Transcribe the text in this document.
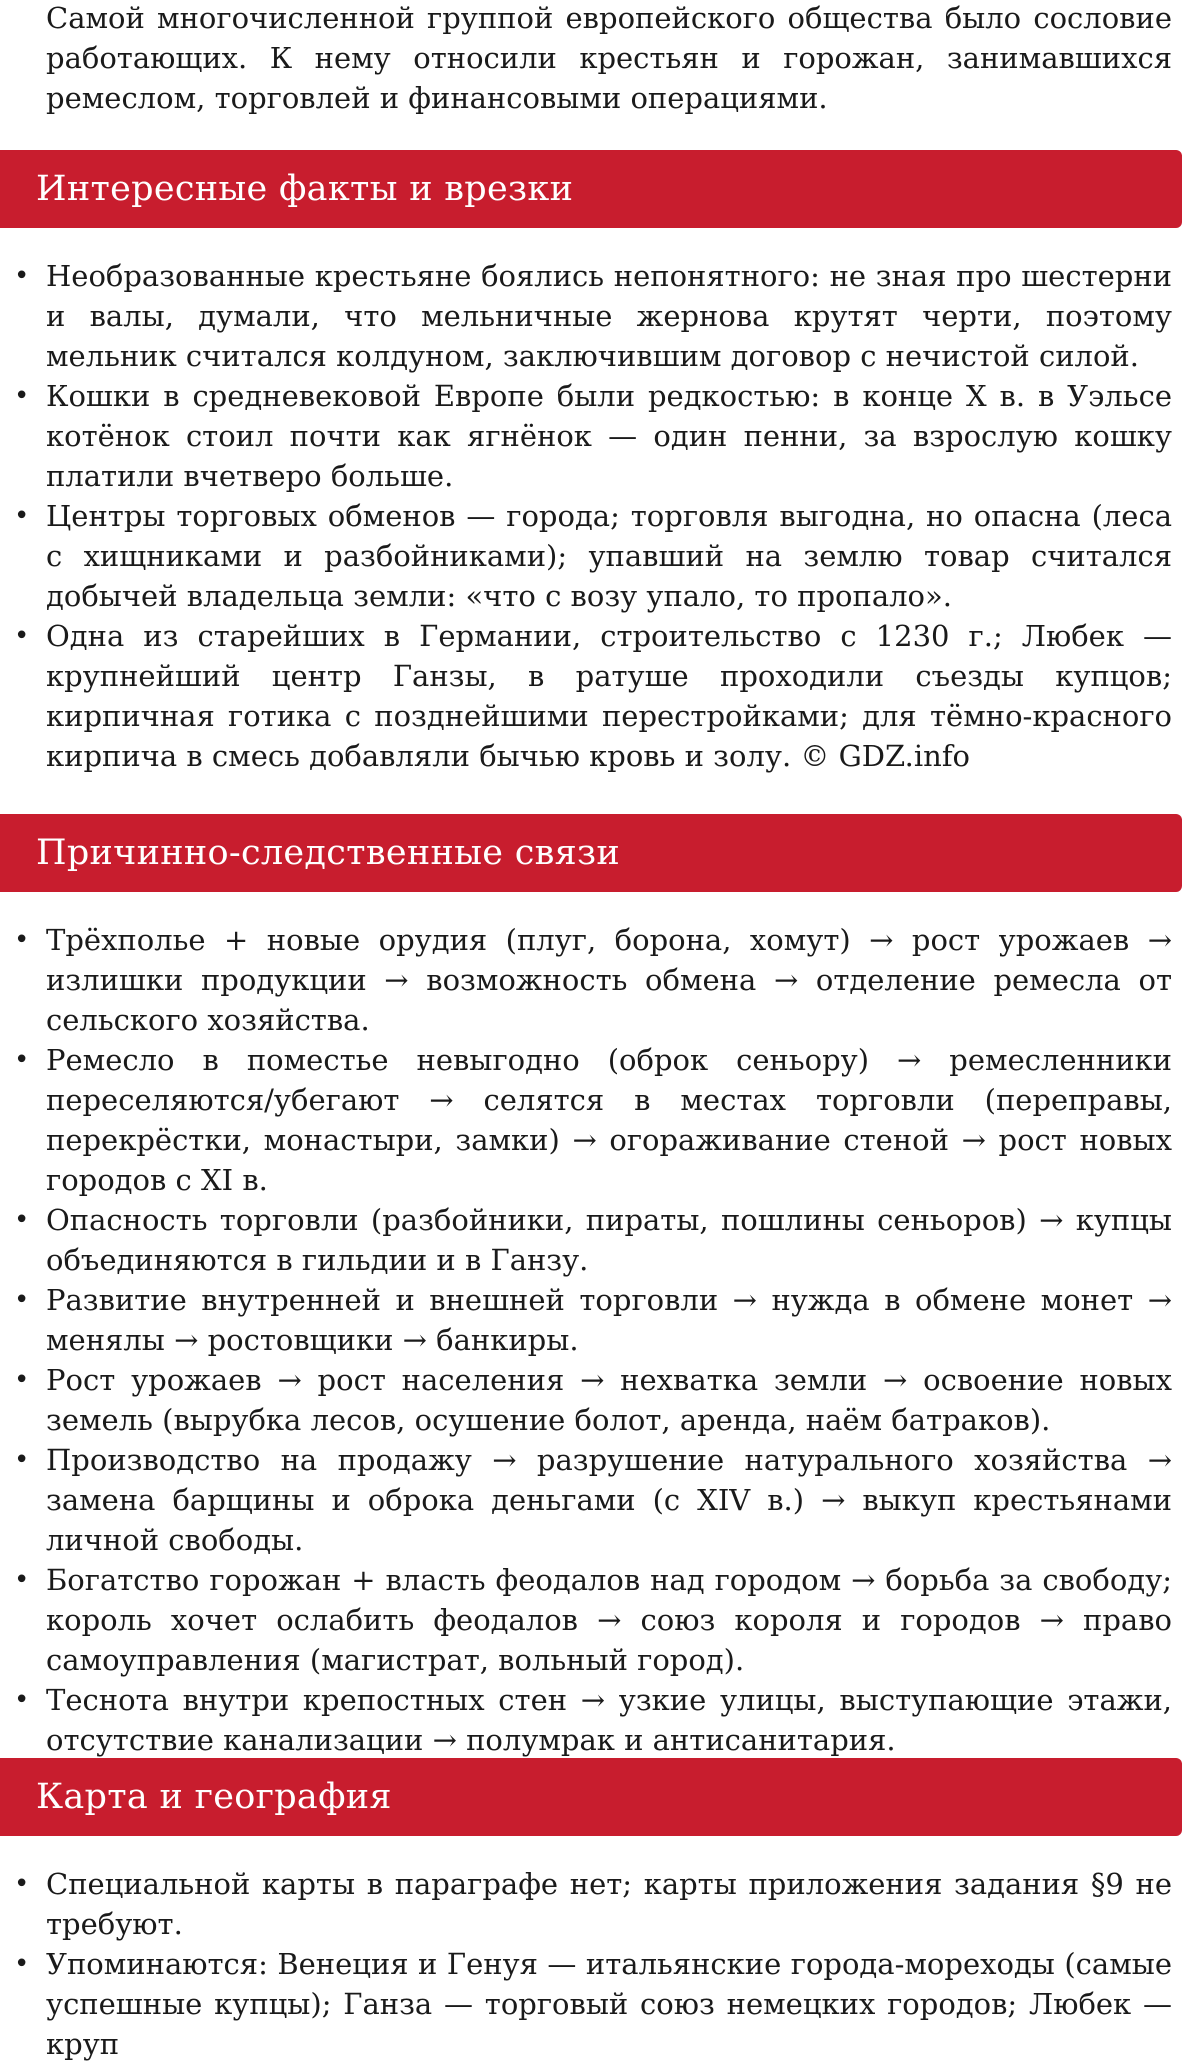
Самой многочисленной группой европейского общества было сословие работающих. К нему относили крестьян и горожан, занимавшихся ремеслом, торговлей и финансовыми операциями.

Интересные факты и врезки
• Необразованные крестьяне боялись непонятного: не зная про шестерни и валы, думали, что мельничные жернова крутят черти, поэтому мельник считался колдуном, заключившим договор с нечистой силой.
• Кошки в средневековой Европе были редкостью: в конце X в. в Уэльсе котёнок стоил почти как ягнёнок — один пенни, за взрослую кошку платили вчетверо больше.
• Центры торговых обменов — города; торговля выгодна, но опасна (леса с хищниками и разбойниками); упавший на землю товар считался добычей владельца земли: «что с возу упало, то пропало».
• Одна из старейших в Германии, строительство с 1230 г.; Любек — крупнейший центр Ганзы, в ратуше проходили съезды купцов; кирпичная готика с позднейшими перестройками; для тёмно-красного кирпича в смесь добавляли бычью кровь и золу. © GDZ.info
Причинно-следственные связи
• Трёхполье + новые орудия (плуг, борона, хомут) → рост урожаев → излишки продукции → возможность обмена → отделение ремесла от сельского хозяйства.
• Ремесло в поместье невыгодно (оброк сеньору) → ремесленники переселяются/убегают → селятся в местах торговли (переправы, перекрёстки, монастыри, замки) → огораживание стеной → рост новых городов с XI в.
• Опасность торговли (разбойники, пираты, пошлины сеньоров) → купцы объединяются в гильдии и в Ганзу.
• Развитие внутренней и внешней торговли → нужда в обмене монет → менялы → ростовщики → банкиры.
• Рост урожаев → рост населения → нехватка земли → освоение новых земель (вырубка лесов, осушение болот, аренда, наём батраков).
• Производство на продажу → разрушение натурального хозяйства → замена барщины и оброка деньгами (с XIV в.) → выкуп крестьянами личной свободы.
• Богатство горожан + власть феодалов над городом → борьба за свободу; король хочет ослабить феодалов → союз короля и городов → право самоуправления (магистрат, вольный город).
• Теснота внутри крепостных стен → узкие улицы, выступающие этажи, отсутствие канализации → полумрак и антисанитария.
Карта и география
• Специальной карты в параграфе нет; карты приложения задания §9 не требуют.
• Упоминаются: Венеция и Генуя — итальянские города-мореходы (самые успешные купцы); Ганза — торговый союз немецких городов; Любек — круп
